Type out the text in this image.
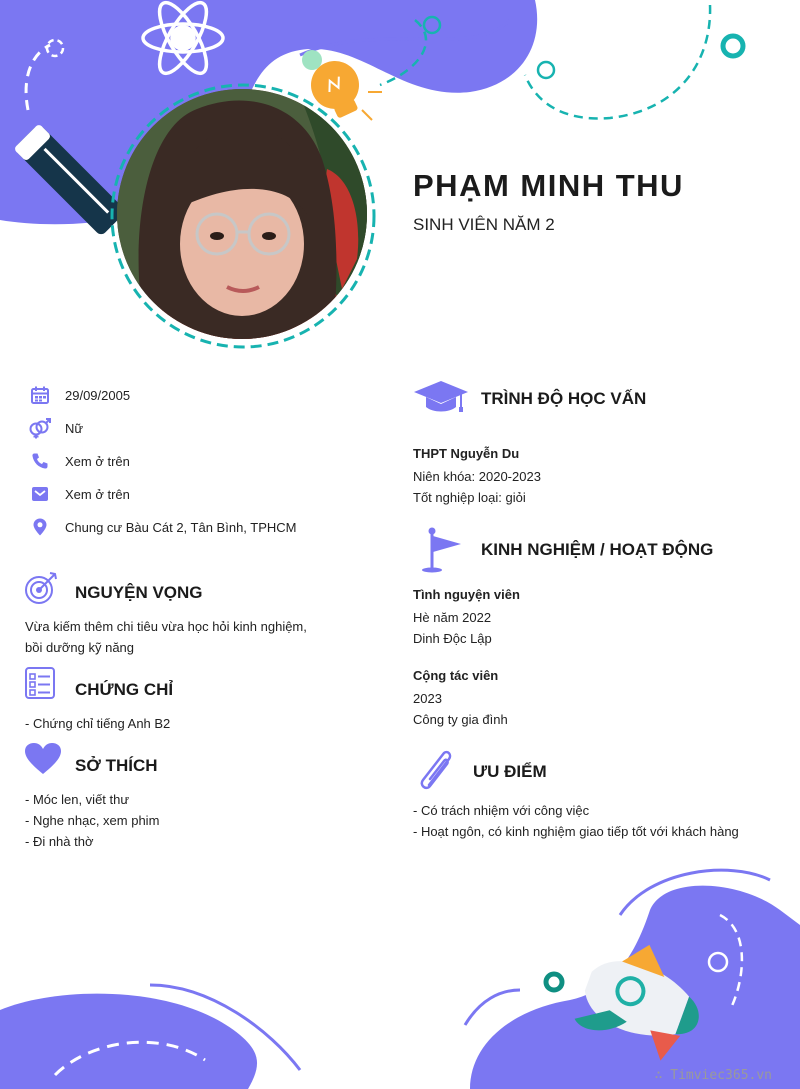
PHẠM MINH THU
SINH VIÊN NĂM 2
29/09/2005
Nữ
Xem ở trên
Xem ở trên
Chung cư Bàu Cát 2, Tân Bình, TPHCM
NGUYỆN VỌNG
Vừa kiếm thêm chi tiêu vừa học hỏi kinh nghiệm,
bồi dưỡng kỹ năng
CHỨNG CHỈ
- Chứng chỉ tiếng Anh B2
SỞ THÍCH
- Móc len, viết thư
- Nghe nhạc, xem phim
- Đi nhà thờ
TRÌNH ĐỘ HỌC VẤN
THPT Nguyễn Du
Niên khóa: 2020-2023
Tốt nghiệp loại: giỏi
KINH NGHIỆM / HOẠT ĐỘNG
Tình nguyện viên
Hè năm 2022
Dinh Độc Lập
Cộng tác viên
2023
Công ty gia đình
ƯU ĐIỂM
- Có trách nhiệm với công việc
- Hoạt ngôn, có kinh nghiệm giao tiếp tốt với khách hàng
∴ Timviec365.vn
